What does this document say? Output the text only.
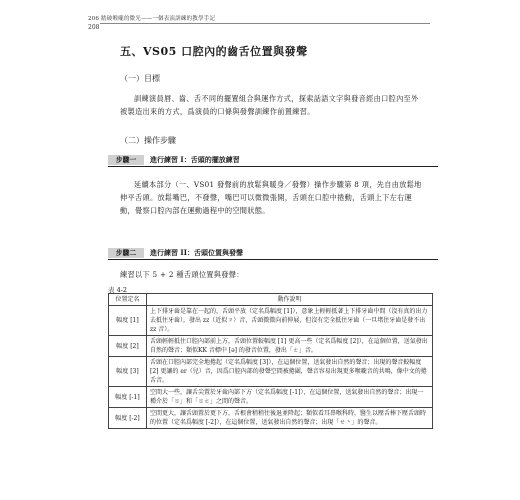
206 踏破喉嚨的微光——一個表演訓練的教學手記
208
五、VS05 口腔內的齒舌位置與發聲
（一）目標
訓練演員唇、齒、舌不同的擺置組合與運作方式，探索話語文字與發音經由口腔內至外被製造出來的方式，爲演員的口條與發聲訓練作前置練習。
（二）操作步驟
步驟一	進行練習 I：舌頭的擺放練習
延續本部分（一、VS01 發聲前的放鬆與暖身／發聲）操作步驟第 8 項，先自由放鬆地伸平舌頭。放鬆嘴巴，不發聲，嘴巴可以微微張開，舌頭在口腔中捲動，舌頭上下左右運動，覺察口腔內部在運動過程中的空間狀態。
步驟二	進行練習 II：舌頭位置與發聲
練習以下 5 + 2 種舌頭位置與發聲：
表 4-2
位置定名	動作說明
幅度 [1]	上下排牙齒是靠在一起的，舌頭平放（定名爲幅度 [1]），意象上輕輕抵著上下排牙齒中間（沒有真的出力去抵住牙齒），發出 zz（近似ㄗ）音，舌頭微微向前伸展，但沒有完全抵住牙齒（一旦堵住牙齒是發不出 zz 音）。
幅度 [2]	舌頭輕輕抵住口腔內部前上方，舌頭位置較幅度 [1] 更高一些（定名爲幅度 [2]），在這個位置，送氣發出自然的聲音；類似KK 音標中 [ə] 的發音位置，發出「ㄜ」音。
幅度 [3]	舌頭在口腔內部完全地捲起（定名爲幅度 [3]），在這個位置，送氣發出自然的聲音；出現的聲音較幅度 [2] 更讓的 er（兒）音，因爲口腔內部的發聲空間被捲圍，聲音容易出現更多喉嚨音的共鳴，像中文的捲舌音。
幅度 [-1]	空間大一些，讓舌尖置於牙齒內部下方（定名爲幅度 [-1]），在這個位置，送氣發出自然的聲音；出現一種介於「ㄖ」和「ㄖㄜ」之間的聲音。
幅度 [-2]	空間更大，讓舌頭置於更下方，舌根會稍稍往後退並降起；類似看耳鼻喉科時，醫生以壓舌棒下壓舌頭時的位置（定名爲幅度 [-2]），在這個位置，送氣發出自然的聲音；出現「ㄝ丶」的聲音。
